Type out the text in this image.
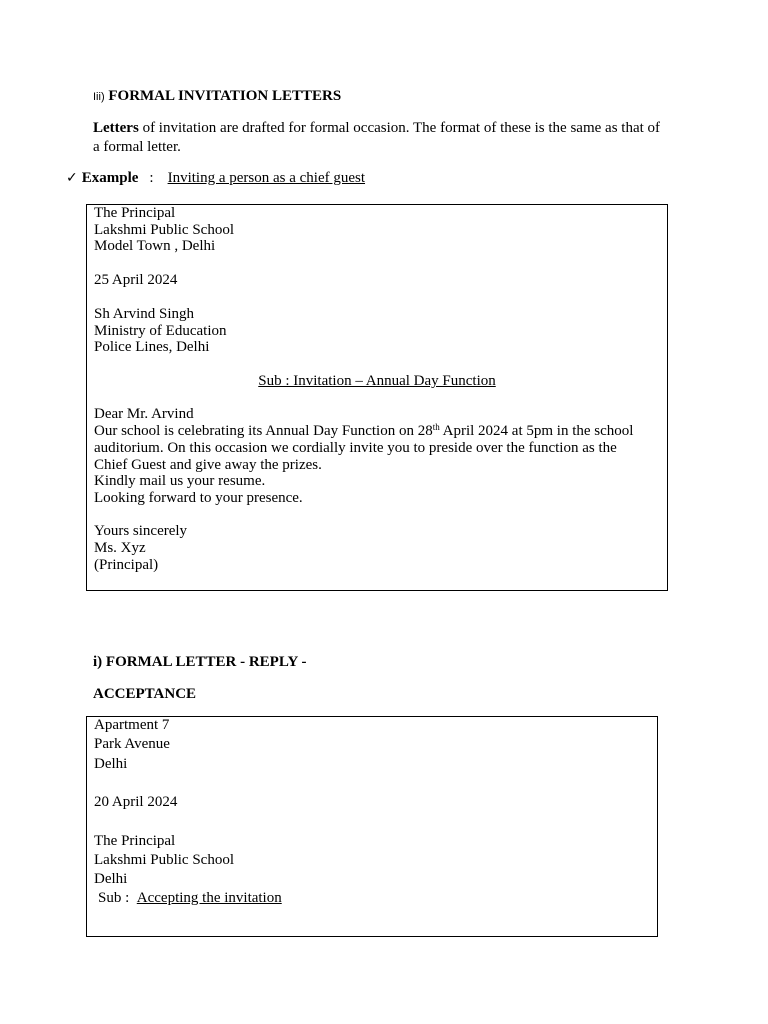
Iii) FORMAL INVITATION LETTERS
Letters of invitation are drafted for formal occasion. The format of these is the same as that of a formal letter.
✓ Example : Inviting a person as a chief guest
The Principal
Lakshmi Public School
Model Town , Delhi
25 April 2024
Sh Arvind Singh
Ministry of Education
Police Lines, Delhi
Sub : Invitation – Annual Day Function
Dear Mr. Arvind
Our school is celebrating its Annual Day Function on 28th April 2024 at 5pm in the school
auditorium. On this occasion we cordially invite you to preside over the function as the
Chief Guest and give away the prizes.
Kindly mail us your resume.
Looking forward to your presence.
Yours sincerely
Ms. Xyz
(Principal)
i) FORMAL LETTER - REPLY -
ACCEPTANCE
Apartment 7
Park Avenue
Delhi
20 April 2024
The Principal
Lakshmi Public School
Delhi
Sub : Accepting the invitation
